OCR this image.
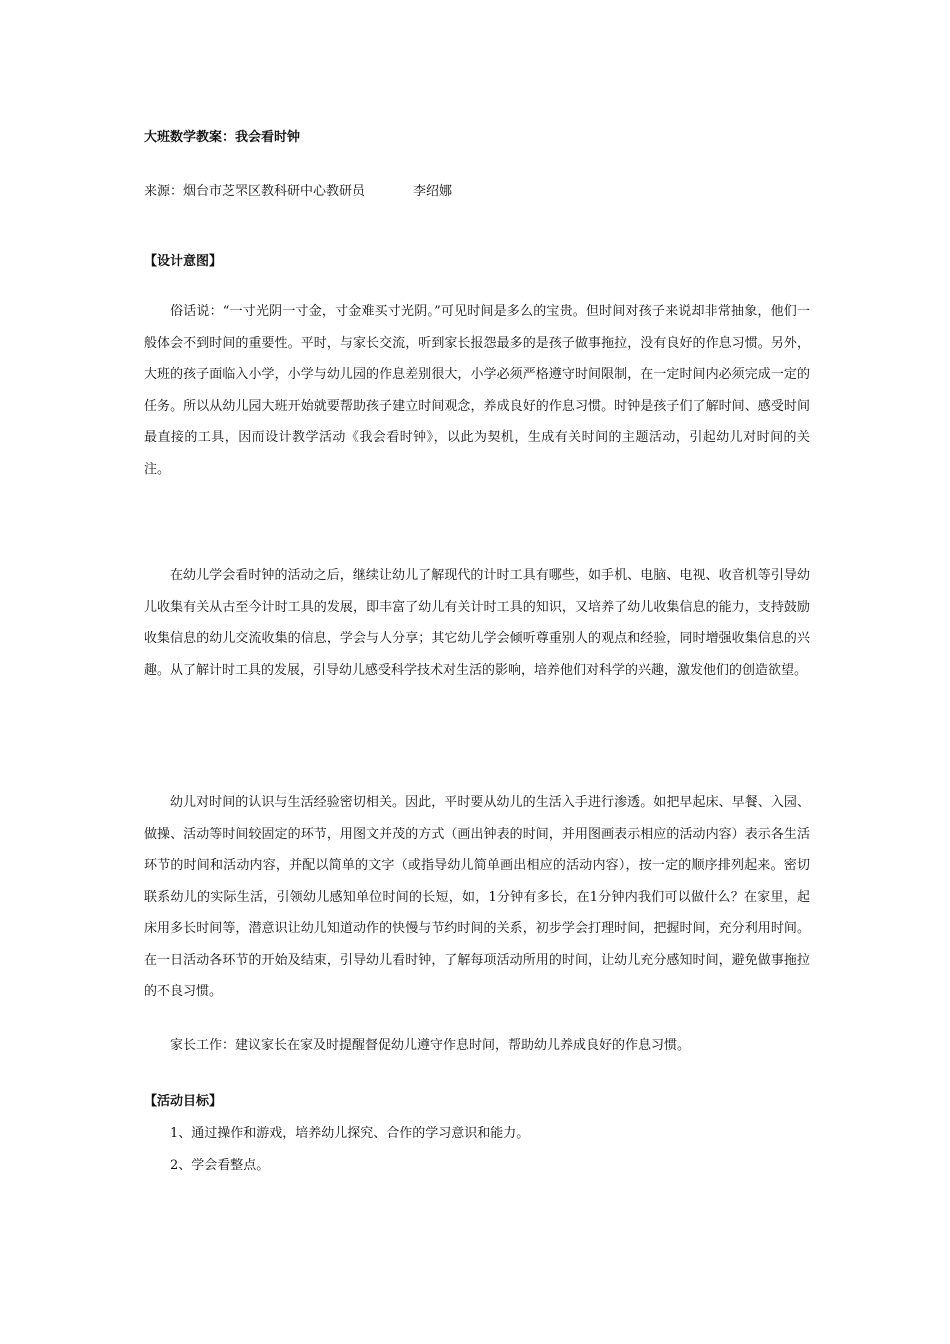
大班数学教案：我会看时钟
来源：烟台市芝罘区教科研中心教研员	李绍娜
【设计意图】

俗话说：“一寸光阴一寸金，寸金难买寸光阴。”可见时间是多么的宝贵。但时间对孩子来说却非常抽象，他们一般体会不到时间的重要性。平时，与家长交流，听到家长报怨最多的是孩子做事拖拉，没有良好的作息习惯。另外，大班的孩子面临入小学，小学与幼儿园的作息差别很大，小学必须严格遵守时间限制，在一定时间内必须完成一定的任务。所以从幼儿园大班开始就要帮助孩子建立时间观念，养成良好的作息习惯。时钟是孩子们了解时间、感受时间最直接的工具，因而设计教学活动《我会看时钟》，以此为契机，生成有关时间的主题活动，引起幼儿对时间的关注。

在幼儿学会看时钟的活动之后，继续让幼儿了解现代的计时工具有哪些，如手机、电脑、电视、收音机等引导幼儿收集有关从古至今计时工具的发展，即丰富了幼儿有关计时工具的知识，又培养了幼儿收集信息的能力，支持鼓励收集信息的幼儿交流收集的信息，学会与人分享；其它幼儿学会倾听尊重别人的观点和经验，同时增强收集信息的兴趣。从了解计时工具的发展，引导幼儿感受科学技术对生活的影响，培养他们对科学的兴趣，激发他们的创造欲望。

幼儿对时间的认识与生活经验密切相关。因此，平时要从幼儿的生活入手进行渗透。如把早起床、早餐、入园、做操、活动等时间较固定的环节，用图文并茂的方式（画出钟表的时间，并用图画表示相应的活动内容）表示各生活环节的时间和活动内容，并配以简单的文字（或指导幼儿简单画出相应的活动内容），按一定的顺序排列起来。密切联系幼儿的实际生活，引领幼儿感知单位时间的长短，如，1分钟有多长，在1分钟内我们可以做什么？在家里，起床用多长时间等，潜意识让幼儿知道动作的快慢与节约时间的关系，初步学会打理时间，把握时间，充分利用时间。在一日活动各环节的开始及结束，引导幼儿看时钟，了解每项活动所用的时间，让幼儿充分感知时间，避免做事拖拉的不良习惯。

家长工作：建议家长在家及时提醒督促幼儿遵守作息时间，帮助幼儿养成良好的作息习惯。

【活动目标】

1、通过操作和游戏，培养幼儿探究、合作的学习意识和能力。

2、学会看整点。
